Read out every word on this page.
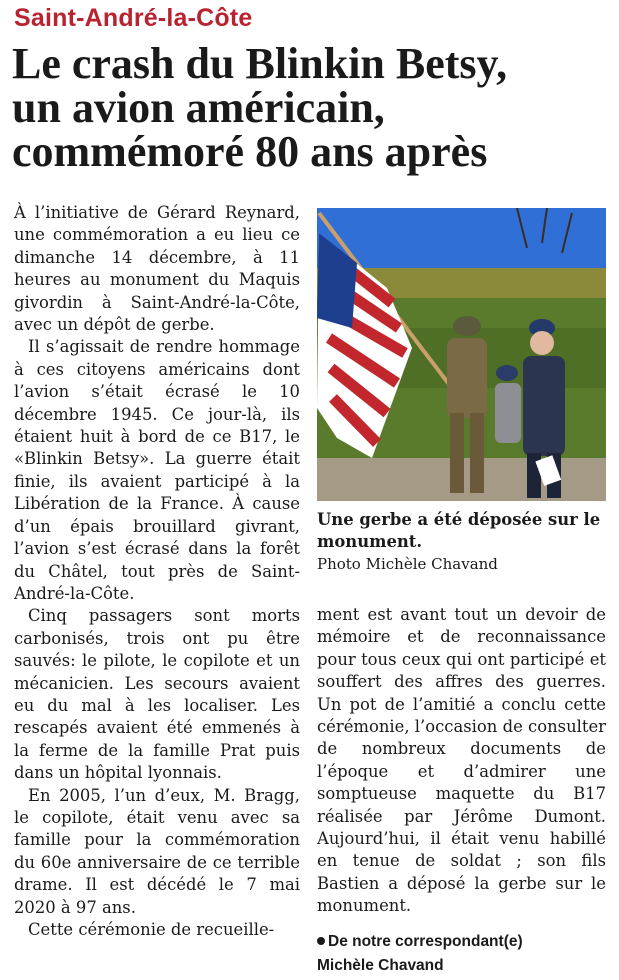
Saint-André-la-Côte
Le crash du Blinkin Betsy,
un avion américain,
commémoré 80 ans après

À l’initiative de Gérard Reynard, une commémoration a eu lieu ce dimanche 14 décembre, à 11 heures au monument du Maquis givordin à Saint-André-la-Côte, avec un dépôt de gerbe.

Il s’agissait de rendre hommage à ces citoyens américains dont l’avion s’était écrasé le 10 décembre 1945. Ce jour-là, ils étaient huit à bord de ce B17, le «Blinkin Betsy». La guerre était finie, ils avaient participé à la Libération de la France. À cause d’un épais brouillard givrant, l’avion s’est écrasé dans la forêt du Châtel, tout près de Saint-André-la-Côte.

Cinq passagers sont morts carbonisés, trois ont pu être sauvés: le pilote, le copilote et un mécanicien. Les secours avaient eu du mal à les localiser. Les rescapés avaient été emmenés à la ferme de la famille Prat puis dans un hôpital lyonnais.

En 2005, l’un d’eux, M. Bragg, le copilote, était venu avec sa famille pour la commémoration du 60e anniversaire de ce terrible drame. Il est décédé le 7 mai 2020 à 97 ans.

Cette cérémonie de recueille-

Une gerbe a été déposée sur le monument.
Photo Michèle Chavand

ment est avant tout un devoir de mémoire et de reconnaissance pour tous ceux qui ont participé et souffert des affres des guerres. Un pot de l’amitié a conclu cette cérémonie, l’occasion de consulter de nombreux documents de l’époque et d’admirer une somptueuse maquette du B17 réalisée par Jérôme Dumont. Aujourd’hui, il était venu habillé en tenue de soldat ; son fils Bastien a déposé la gerbe sur le monument.

De notre correspondant(e)
Michèle Chavand
